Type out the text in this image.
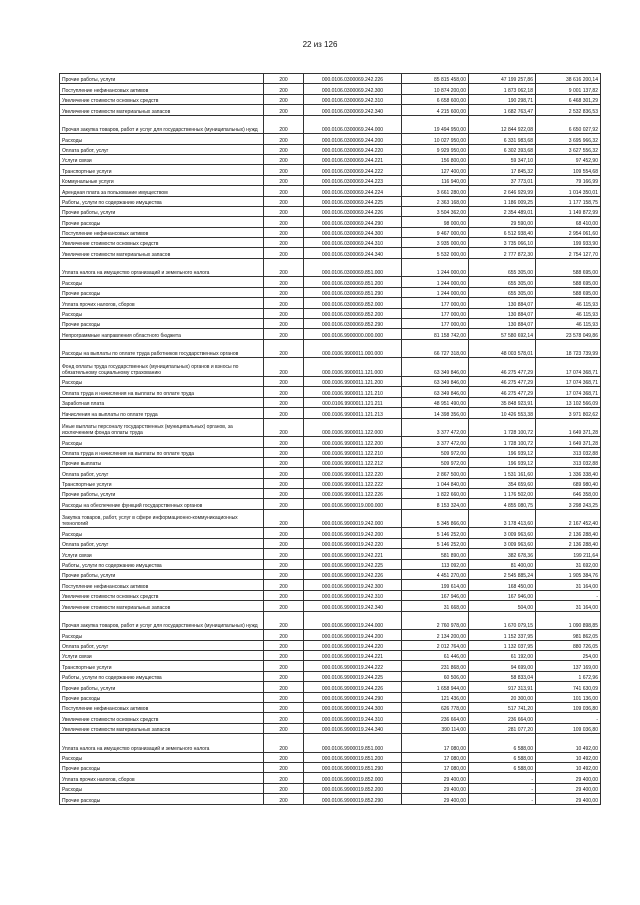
22 из 126
Прочие работы, услуги	200	000.0106.0300069.242.226	85 815 458,00	47 199 257,86	38 616 200,14
Поступление нефинансовых активов	200	000.0106.0300069.242.300	10 874 200,00	1 873 062,18	9 001 137,82
Увеличение стоимости основных средств	200	000.0106.0300069.242.310	6 658 600,00	190 298,71	6 468 301,29
Увеличение стоимости материальных запасов	200	000.0106.0300069.242.340	4 215 600,00	1 682 763,47	2 532 836,53
Прочая закупка товаров, работ и услуг для государственных (муниципальных) нужд	200	000.0106.0300069.244.000	19 494 950,00	12 844 922,08	6 650 027,92
Расходы	200	000.0106.0300069.244.200	10 027 950,00	6 331 983,68	3 695 966,32
Оплата работ, услуг	200	000.0106.0300069.244.220	9 929 950,00	6 302 393,68	3 627 556,32
Услуги связи	200	000.0106.0300069.244.221	156 800,00	59 347,10	97 452,90
Транспортные услуги	200	000.0106.0300069.244.222	127 400,00	17 845,32	109 554,68
Коммунальные услуги	200	000.0106.0300069.244.223	116 940,00	37 773,01	79 166,99
Арендная плата за пользование имуществом	200	000.0106.0300069.244.224	3 661 280,00	2 646 929,99	1 014 350,01
Работы, услуги по содержанию имущества	200	000.0106.0300069.244.225	2 363 168,00	1 186 009,25	1 177 158,75
Прочие работы, услуги	200	000.0106.0300069.244.226	3 504 362,00	2 354 489,01	1 149 872,99
Прочие расходы	200	000.0106.0300069.244.290	98 000,00	29 590,00	68 410,00
Поступление нефинансовых активов	200	000.0106.0300069.244.300	9 467 000,00	6 512 938,40	2 954 061,60
Увеличение стоимости основных средств	200	000.0106.0300069.244.310	3 935 000,00	3 735 066,10	199 933,90
Увеличение стоимости материальных запасов	200	000.0106.0300069.244.340	5 532 000,00	2 777 872,30	2 754 127,70
Уплата налога на имущество организаций и земельного налога	200	000.0106.0300069.851.000	1 244 000,00	655 305,00	588 695,00
Расходы	200	000.0106.0300069.851.200	1 244 000,00	655 305,00	588 695,00
Прочие расходы	200	000.0106.0300069.851.290	1 244 000,00	655 305,00	588 695,00
Уплата прочих налогов, сборов	200	000.0106.0300069.852.000	177 000,00	130 884,07	46 115,93
Расходы	200	000.0106.0300069.852.200	177 000,00	130 884,07	46 115,93
Прочие расходы	200	000.0106.0300069.852.290	177 000,00	130 884,07	46 115,93
Непрограммные направления областного бюджета	200	000.0106.9900000.000.000	81 158 742,00	57 580 692,14	23 578 049,86
Расходы на выплаты по оплате труда работников государственных органов	200	000.0106.9900011.000.000	66 727 318,00	48 003 578,01	18 723 739,99
Фонд оплаты труда государственных (муниципальных) органов и взносы по обязательному социальному страхованию	200	000.0106.9900011.121.000	63 349 846,00	46 275 477,29	17 074 368,71
Расходы	200	000.0106.9900011.121.200	63 349 846,00	46 275 477,29	17 074 368,71
Оплата труда и начисления на выплаты по оплате труда	200	000.0106.9900011.121.210	63 349 846,00	46 275 477,29	17 074 368,71
Заработная плата	200	000.0106.9900011.121.211	48 951 490,00	35 848 923,91	13 102 566,09
Начисления на выплаты по оплате труда	200	000.0106.9900011.121.213	14 398 356,00	10 426 553,38	3 971 802,62
Иные выплаты персоналу государственных (муниципальных) органов, за исключением фонда оплаты труда	200	000.0106.9900011.122.000	3 377 472,00	1 728 100,72	1 649 371,28
Расходы	200	000.0106.9900011.122.200	3 377 472,00	1 728 100,72	1 649 371,28
Оплата труда и начисления на выплаты по оплате труда	200	000.0106.9900011.122.210	509 972,00	196 939,12	313 032,88
Прочие выплаты	200	000.0106.9900011.122.212	509 972,00	196 939,12	313 032,88
Оплата работ, услуг	200	000.0106.9900011.122.220	2 867 500,00	1 531 161,60	1 336 338,40
Транспортные услуги	200	000.0106.9900011.122.222	1 044 840,00	354 659,60	689 980,40
Прочие работы, услуги	200	000.0106.9900011.122.226	1 822 660,00	1 176 502,00	646 358,00
Расходы на обеспечение функций государственных органов	200	000.0106.9900019.000.000	8 153 324,00	4 855 080,75	3 298 243,25
Закупка товаров, работ, услуг в сфере информационно-коммуникационных технологий	200	000.0106.9900019.242.000	5 345 866,00	3 178 413,60	2 167 452,40
Расходы	200	000.0106.9900019.242.200	5 146 252,00	3 009 963,60	2 136 288,40
Оплата работ, услуг	200	000.0106.9900019.242.220	5 146 252,00	3 009 963,60	2 136 288,40
Услуги связи	200	000.0106.9900019.242.221	581 890,00	382 678,36	199 211,64
Работы, услуги по содержанию имущества	200	000.0106.9900019.242.225	113 092,00	81 400,00	31 692,00
Прочие работы, услуги	200	000.0106.9900019.242.226	4 451 270,00	2 545 885,24	1 905 384,76
Поступление нефинансовых активов	200	000.0106.9900019.242.300	199 614,00	168 450,00	31 164,00
Увеличение стоимости основных средств	200	000.0106.9900019.242.310	167 946,00	167 946,00	-
Увеличение стоимости материальных запасов	200	000.0106.9900019.242.340	31 668,00	504,00	31 164,00
Прочая закупка товаров, работ и услуг для государственных (муниципальных) нужд	200	000.0106.9900019.244.000	2 760 978,00	1 670 079,15	1 090 898,85
Расходы	200	000.0106.9900019.244.200	2 134 200,00	1 152 337,95	981 862,05
Оплата работ, услуг	200	000.0106.9900019.244.220	2 012 764,00	1 132 037,95	880 726,05
Услуги связи	200	000.0106.9900019.244.221	61 446,00	61 192,00	254,00
Транспортные услуги	200	000.0106.9900019.244.222	231 868,00	94 699,00	137 169,00
Работы, услуги по содержанию имущества	200	000.0106.9900019.244.225	60 506,00	58 833,04	1 672,96
Прочие работы, услуги	200	000.0106.9900019.244.226	1 658 944,00	917 313,91	741 630,09
Прочие расходы	200	000.0106.9900019.244.290	121 436,00	20 300,00	101 136,00
Поступление нефинансовых активов	200	000.0106.9900019.244.300	626 778,00	517 741,20	109 036,80
Увеличение стоимости основных средств	200	000.0106.9900019.244.310	236 664,00	236 664,00	-
Увеличение стоимости материальных запасов	200	000.0106.9900019.244.340	390 114,00	281 077,20	109 036,80
Уплата налога на имущество организаций и земельного налога	200	000.0106.9900019.851.000	17 080,00	6 588,00	10 492,00
Расходы	200	000.0106.9900019.851.200	17 080,00	6 588,00	10 492,00
Прочие расходы	200	000.0106.9900019.851.290	17 080,00	6 588,00	10 492,00
Уплата прочих налогов, сборов	200	000.0106.9900019.852.000	29 400,00	-	29 400,00
Расходы	200	000.0106.9900019.852.200	29 400,00	-	29 400,00
Прочие расходы	200	000.0106.9900019.852.290	29 400,00	-	29 400,00
